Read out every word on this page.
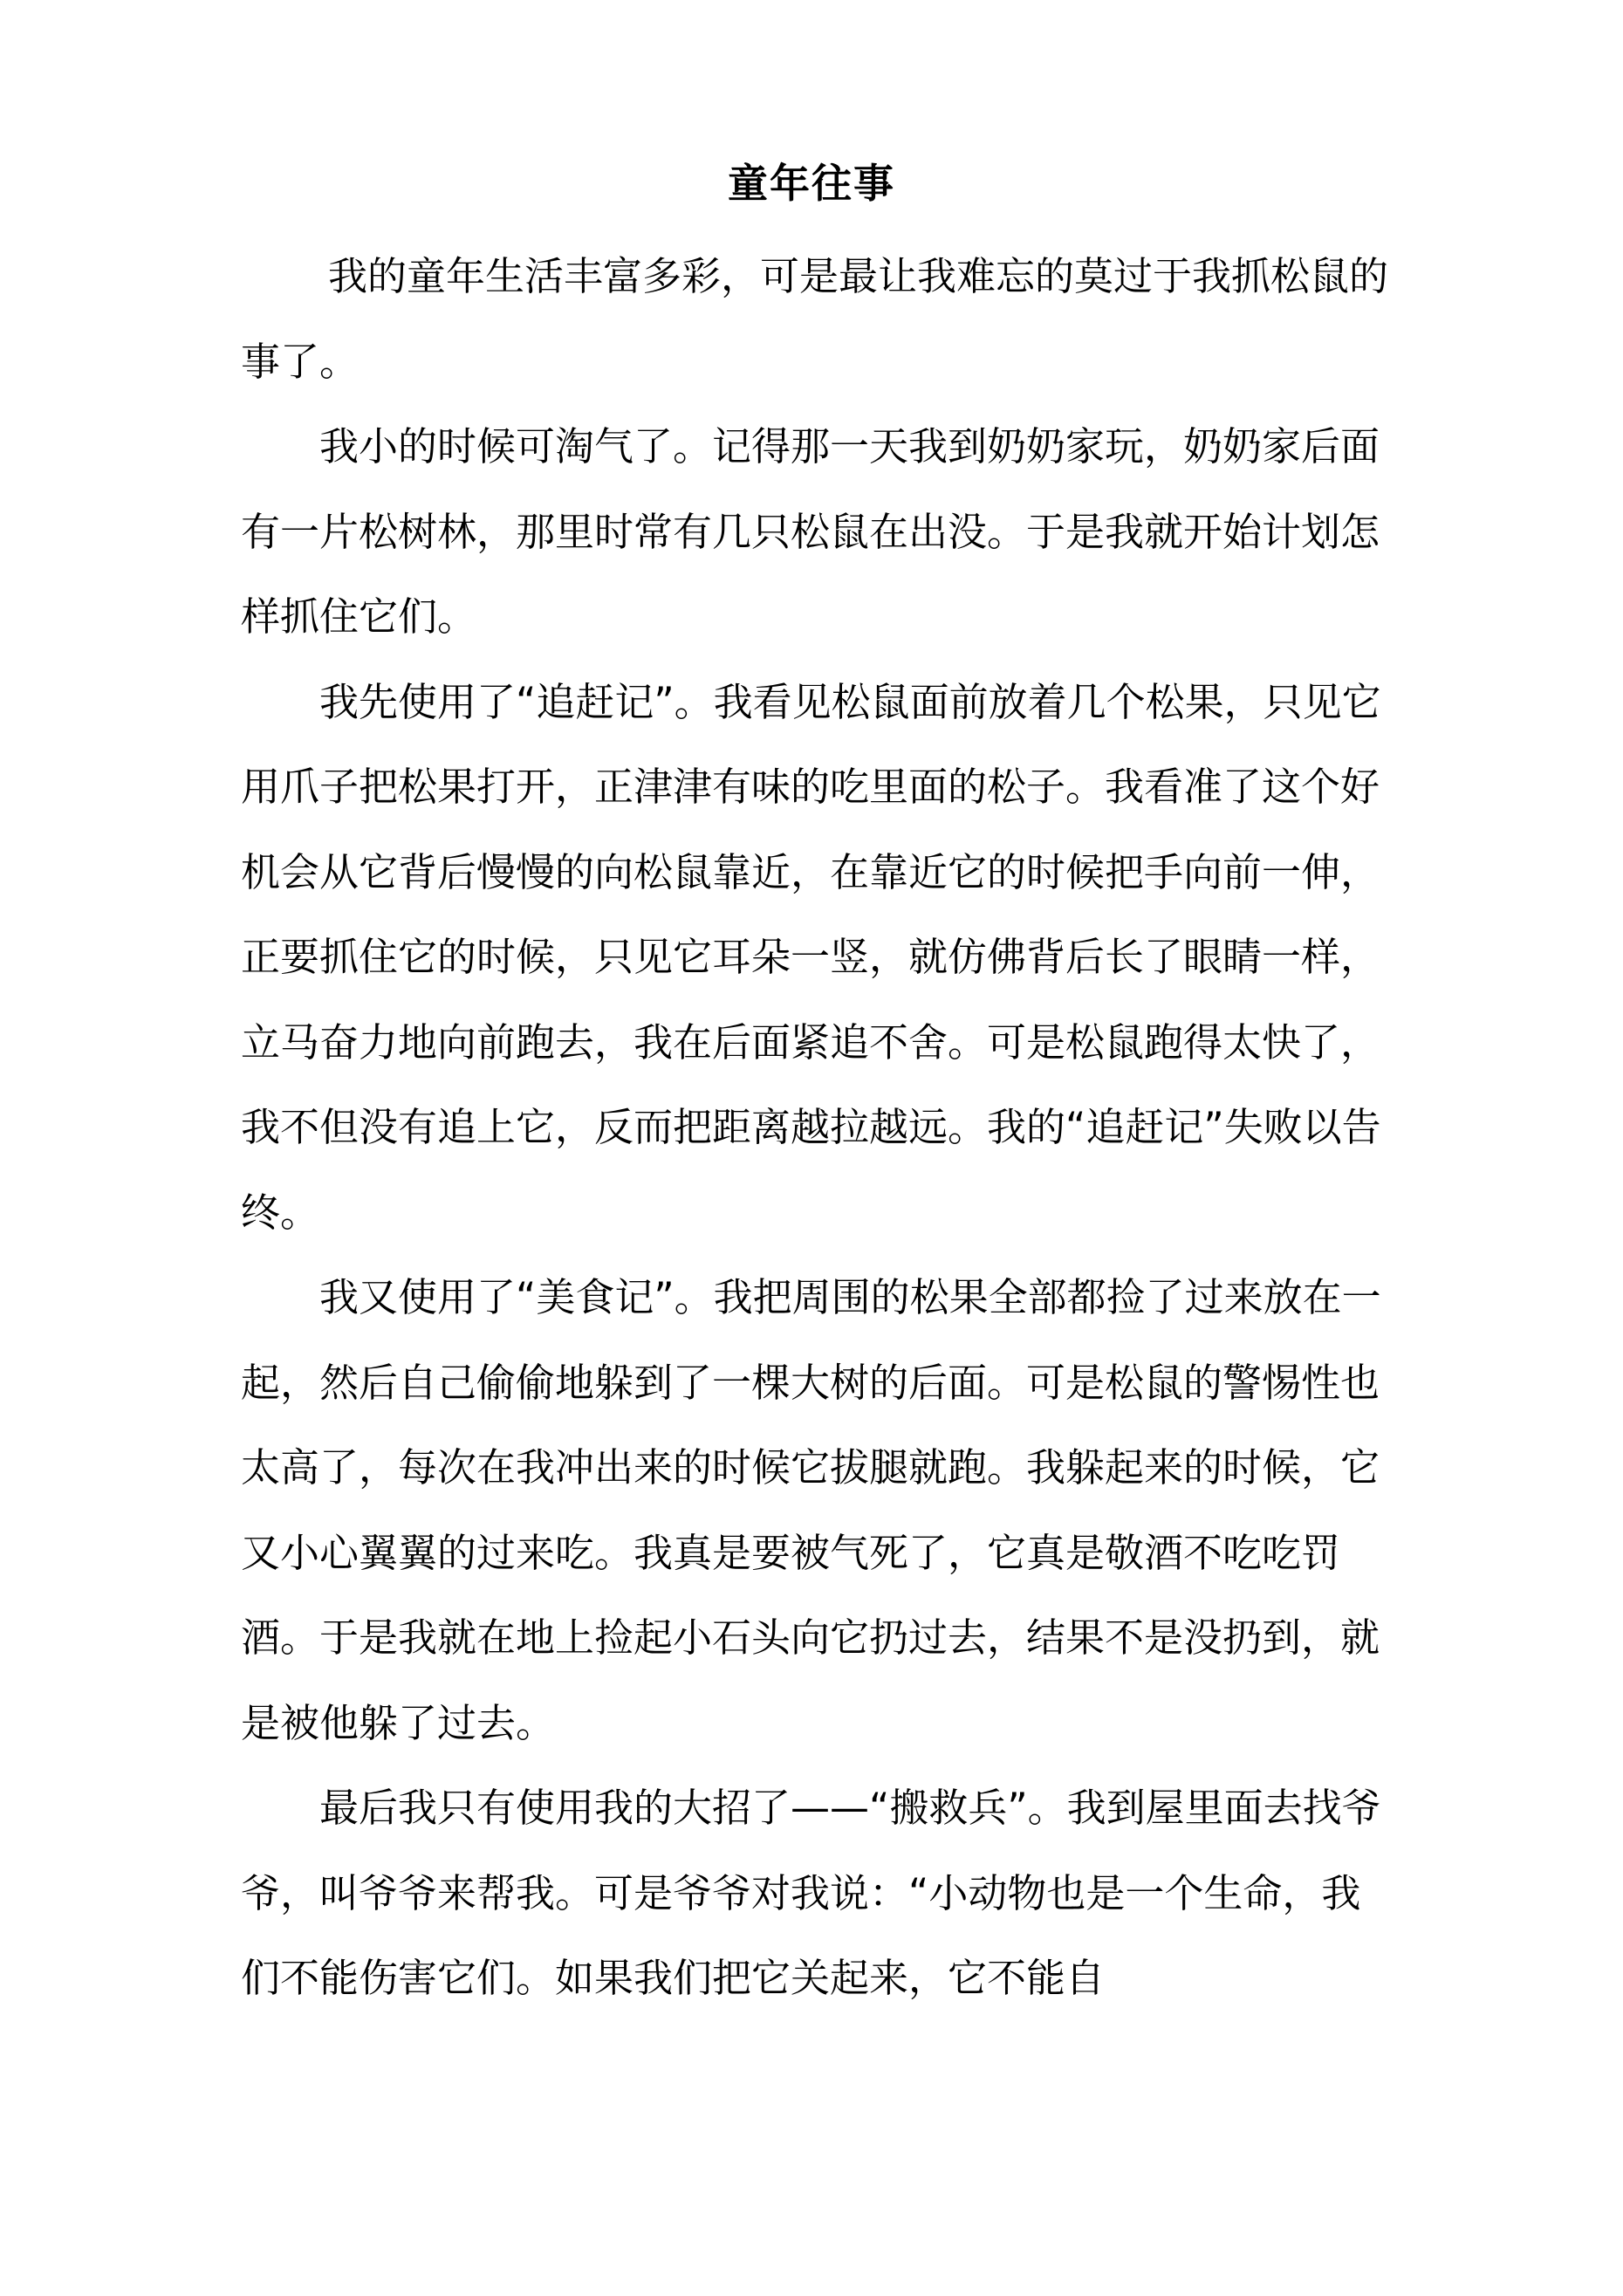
童年往事

我的童年生活丰富多彩，可是最让我难忘的莫过于我抓松鼠的事了。

我小的时候可淘气了。记得那一天我到奶奶家玩，奶奶家后面有一片松树林，那里时常有几只松鼠在出没。于是我就开始计划怎样抓住它们。

我先使用了“追赶记”。我看见松鼠面前放着几个松果，只见它用爪子把松果打开，正津津有味的吃里面的松子。我看准了这个好机会从它背后慢慢的向松鼠靠近，在靠近它的时候把手向前一伸，正要抓住它的时候，只见它耳朵一竖，就仿佛背后长了眼睛一样，立马奋力地向前跑去，我在后面紧追不舍。可是松鼠跑得太快了，我不但没有追上它，反而把距离越拉越远。我的“追赶记”失败以告终。

我又使用了“美食记”。我把周围的松果全部都捡了过来放在一起，然后自己偷偷地躲到了一棵大树的后面。可是松鼠的警惕性也太高了，每次在我冲出来的时候它拔腿就跑。我躲起来的时候，它又小心翼翼的过来吃。我真是要被气死了，它真是敬酒不吃吃罚酒。于是我就在地上捡起小石头向它扔过去，结果不是没扔到，就是被他躲了过去。

最后我只有使用我的大招了——“搬救兵”。我到屋里面去找爷爷，叫爷爷来帮我。可是爷爷对我说：“小动物也是一个生命，我们不能伤害它们。如果我们把它关起来，它不能自
